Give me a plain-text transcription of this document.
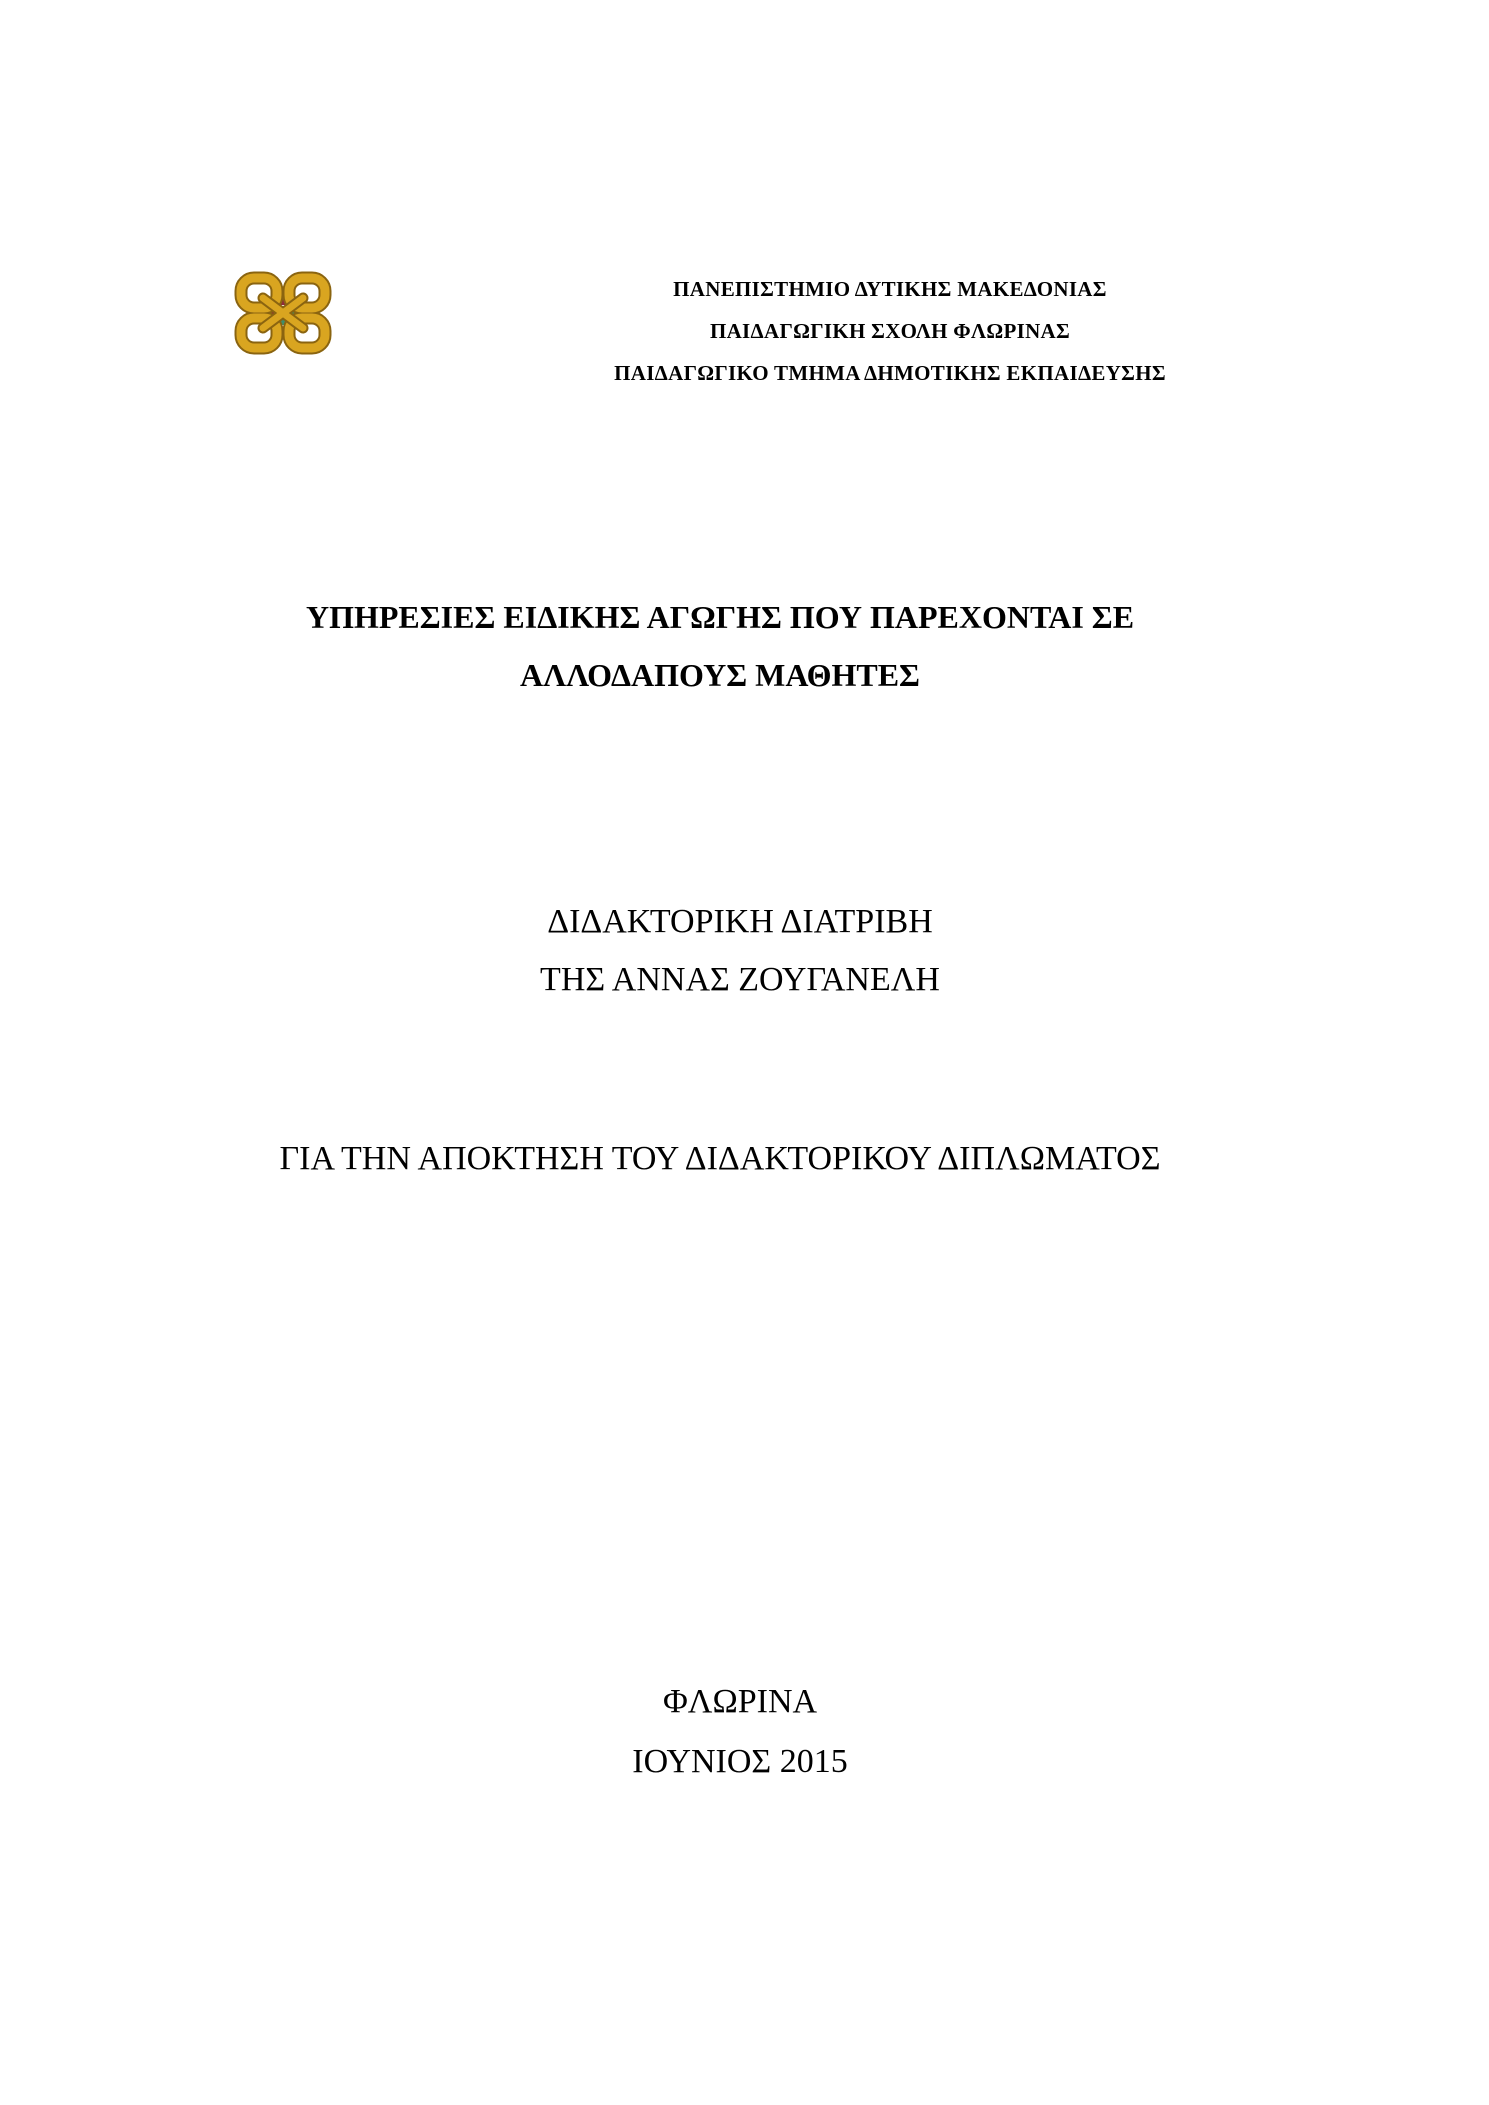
ΠΑΝΕΠΙΣΤΗΜΙΟ ΔΥΤΙΚΗΣ ΜΑΚΕΔΟΝΙΑΣ
ΠΑΙΔΑΓΩΓΙΚΗ ΣΧΟΛΗ ΦΛΩΡΙΝΑΣ
ΠΑΙΔΑΓΩΓΙΚΟ ΤΜΗΜΑ ΔΗΜΟΤΙΚΗΣ ΕΚΠΑΙΔΕΥΣΗΣ
ΥΠΗΡΕΣΙΕΣ ΕΙΔΙΚΗΣ ΑΓΩΓΗΣ ΠΟΥ ΠΑΡΕΧΟΝΤΑΙ ΣΕ
ΑΛΛΟΔΑΠΟΥΣ ΜΑΘΗΤΕΣ
ΔΙΔΑΚΤΟΡΙΚΗ ΔΙΑΤΡΙΒΗ
ΤΗΣ ΑΝΝΑΣ ΖΟΥΓΑΝΕΛΗ
ΓΙΑ ΤΗΝ ΑΠΟΚΤΗΣΗ ΤΟΥ ΔΙΔΑΚΤΟΡΙΚΟΥ ΔΙΠΛΩΜΑΤΟΣ
ΦΛΩΡΙΝΑ
ΙΟΥΝΙΟΣ 2015
